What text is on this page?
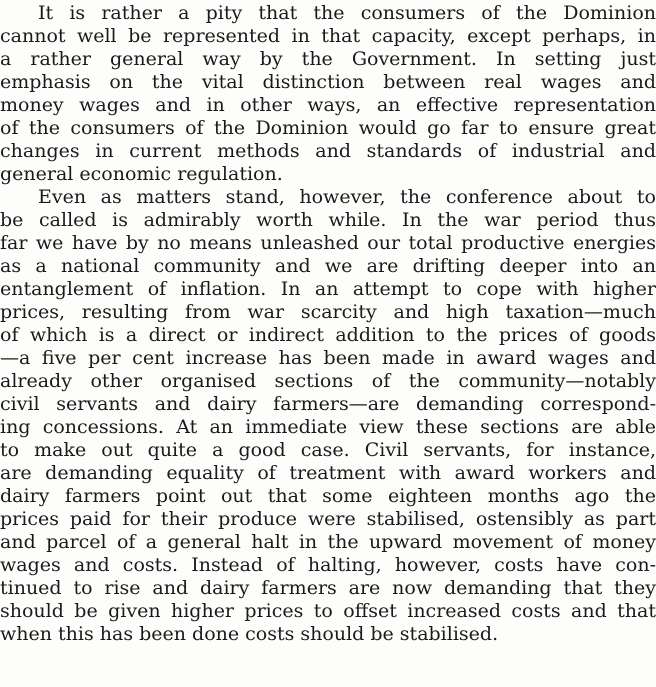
It is rather a pity that the consumers of the Dominion
cannot well be represented in that capacity, except perhaps, in
a rather general way by the Government. In setting just
emphasis on the vital distinction between real wages and
money wages and in other ways, an effective representation
of the consumers of the Dominion would go far to ensure great
changes in current methods and standards of industrial and
general economic regulation.
Even as matters stand, however, the conference about to
be called is admirably worth while. In the war period thus
far we have by no means unleashed our total productive energies
as a national community and we are drifting deeper into an
entanglement of inflation. In an attempt to cope with higher
prices, resulting from war scarcity and high taxation—much
of which is a direct or indirect addition to the prices of goods
—a five per cent increase has been made in award wages and
already other organised sections of the community—notably
civil servants and dairy farmers—are demanding correspond-
ing concessions. At an immediate view these sections are able
to make out quite a good case. Civil servants, for instance,
are demanding equality of treatment with award workers and
dairy farmers point out that some eighteen months ago the
prices paid for their produce were stabilised, ostensibly as part
and parcel of a general halt in the upward movement of money
wages and costs. Instead of halting, however, costs have con-
tinued to rise and dairy farmers are now demanding that they
should be given higher prices to offset increased costs and that
when this has been done costs should be stabilised.
